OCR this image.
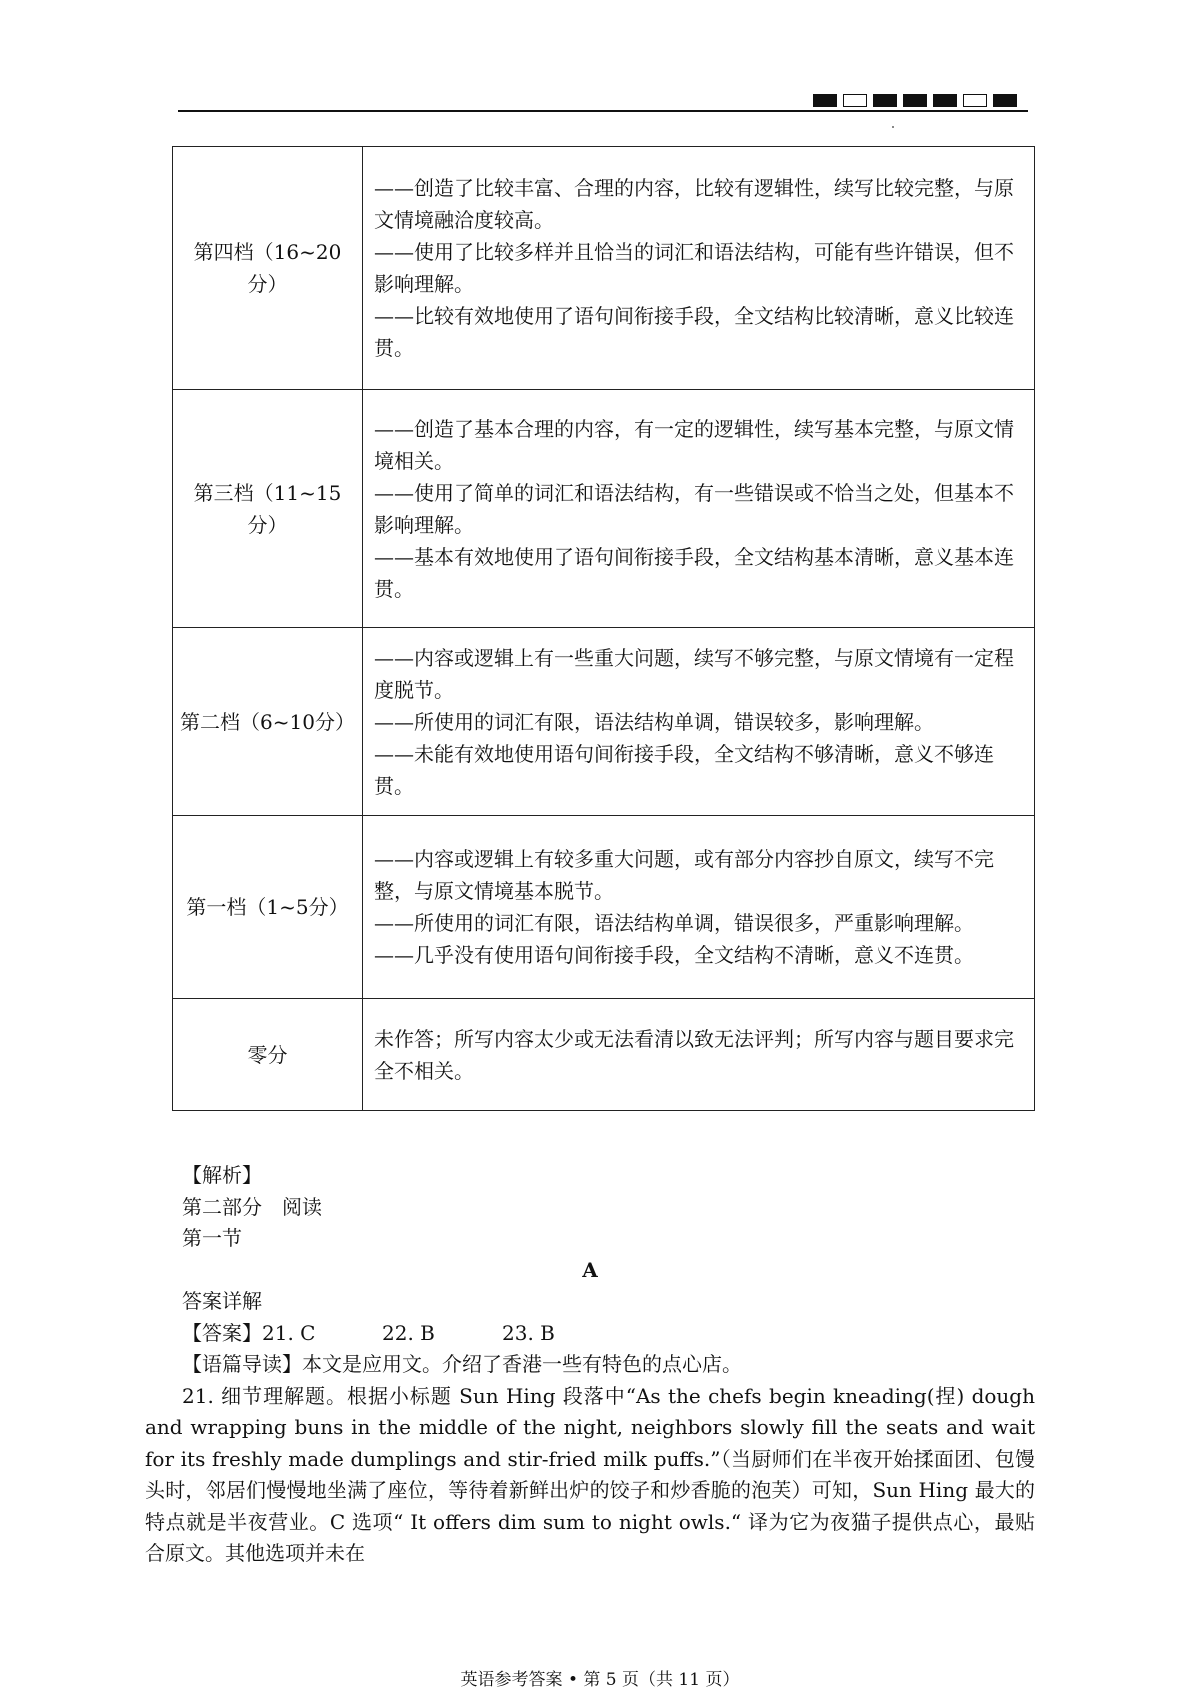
第四档（16~20分）	——创造了比较丰富、合理的内容，比较有逻辑性，续写比较完整，与原文情境融洽度较高。
——使用了比较多样并且恰当的词汇和语法结构，可能有些许错误，但不影响理解。
——比较有效地使用了语句间衔接手段，全文结构比较清晰，意义比较连贯。

第三档（11~15分）	——创造了基本合理的内容，有一定的逻辑性，续写基本完整，与原文情境相关。
——使用了简单的词汇和语法结构，有一些错误或不恰当之处，但基本不影响理解。
——基本有效地使用了语句间衔接手段，全文结构基本清晰，意义基本连贯。

第二档（6~10分）	——内容或逻辑上有一些重大问题，续写不够完整，与原文情境有一定程度脱节。
——所使用的词汇有限，语法结构单调，错误较多，影响理解。
——未能有效地使用语句间衔接手段，全文结构不够清晰，意义不够连贯。

第一档（1~5分）	——内容或逻辑上有较多重大问题，或有部分内容抄自原文，续写不完整，与原文情境基本脱节。
——所使用的词汇有限，语法结构单调，错误很多，严重影响理解。
——几乎没有使用语句间衔接手段，全文结构不清晰，意义不连贯。

零分	未作答；所写内容太少或无法看清以致无法评判；所写内容与题目要求完全不相关。
【解析】
第二部分　阅读
第一节
A
答案详解
【答案】21. C	22. B	23. B
【语篇导读】本文是应用文。介绍了香港一些有特色的点心店。
21. 细节理解题。根据小标题 Sun Hing 段落中“As the chefs begin kneading(捏) dough and wrapping buns in the middle of the night, neighbors slowly fill the seats and wait for its freshly made dumplings and stir-fried milk puffs.”（当厨师们在半夜开始揉面团、包馒头时，邻居们慢慢地坐满了座位，等待着新鲜出炉的饺子和炒香脆的泡芙）可知，Sun Hing 最大的特点就是半夜营业。C 选项“ It offers dim sum to night owls.“ 译为它为夜猫子提供点心，最贴合原文。其他选项并未在
英语参考答案 • 第 5 页（共 11 页）
